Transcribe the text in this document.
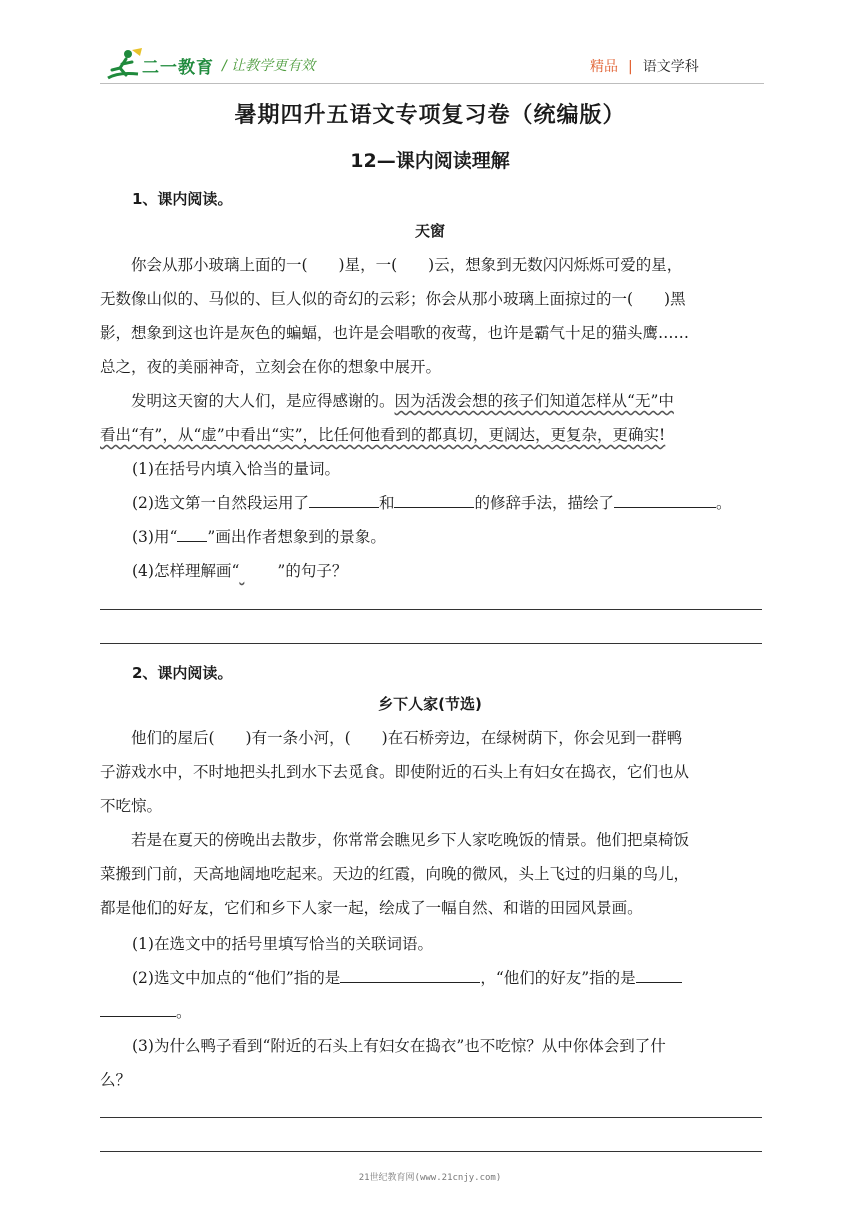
二一教育 / 让教学更有效	精品 | 语文学科
暑期四升五语文专项复习卷（统编版）
12—课内阅读理解
1、课内阅读。
天窗
你会从那小玻璃上面的一(　　)星，一(　　)云，想象到无数闪闪烁烁可爱的星，
无数像山似的、马似的、巨人似的奇幻的云彩；你会从那小玻璃上面掠过的一(　　)黑
影，想象到这也许是灰色的蝙蝠，也许是会唱歌的夜莺，也许是霸气十足的猫头鹰……
总之，夜的美丽神奇，立刻会在你的想象中展开。
发明这天窗的大人们，是应得感谢的。因为活泼会想的孩子们知道怎样从“无”中
看出“有”，从“虚”中看出“实”，比任何他看到的都真切，更阔达，更复杂，更确实!
(1)在括号内填入恰当的量词。
(2)选文第一自然段运用了	和	的修辞手法，描绘了	。
(3)用“ ”画出作者想象到的景象。
(4)怎样理解画“ ”的句子？
2、课内阅读。
乡下人家(节选)
他们的屋后(　　)有一条小河，(　　)在石桥旁边，在绿树荫下，你会见到一群鸭
子游戏水中，不时地把头扎到水下去觅食。即使附近的石头上有妇女在捣衣，它们也从
不吃惊。
若是在夏天的傍晚出去散步，你常常会瞧见乡下人家吃晚饭的情景。他们把桌椅饭
菜搬到门前，天高地阔地吃起来。天边的红霞，向晚的微风，头上飞过的归巢的鸟儿，
都是他们的好友，它们和乡下人家一起，绘成了一幅自然、和谐的田园风景画。
(1)在选文中的括号里填写恰当的关联词语。
(2)选文中加点的“他们”指的是	，“他们的好友”指的是
。
(3)为什么鸭子看到“附近的石头上有妇女在捣衣”也不吃惊？从中你体会到了什
么？
21世纪教育网(www.21cnjy.com)
